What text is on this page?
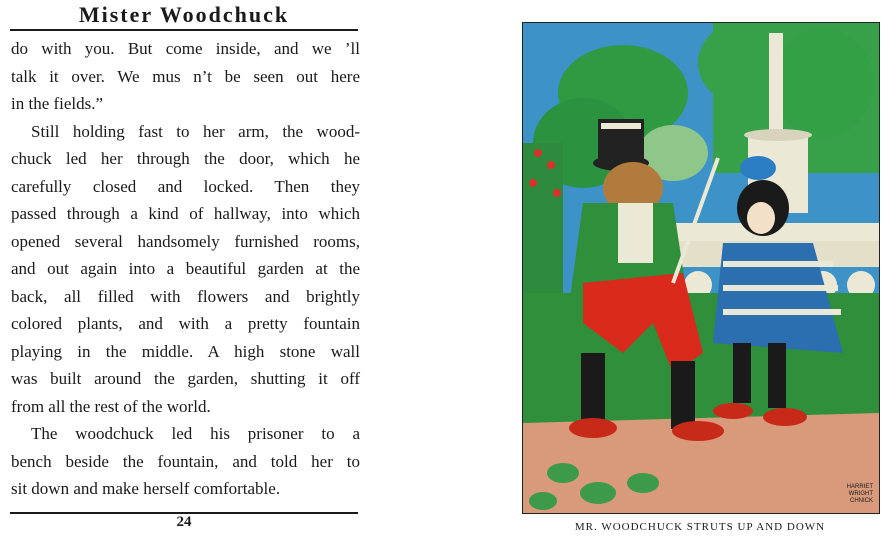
Mister Woodchuck

do with you. But come inside, and we ’ll

talk it over. We mus n’t be seen out here

in the fields.”

Still holding fast to her arm, the wood-

chuck led her through the door, which he

carefully closed and locked. Then they

passed through a kind of hallway, into which

opened several handsomely furnished rooms,

and out again into a beautiful garden at the

back, all filled with flowers and brightly

colored plants, and with a pretty fountain

playing in the middle. A high stone wall

was built around the garden, shutting it off

from all the rest of the world.

The woodchuck led his prisoner to a

bench beside the fountain, and told her to

sit down and make herself comfortable.

24
HARRIET WRIGHT CHNICK
MR. WOODCHUCK STRUTS UP AND DOWN
